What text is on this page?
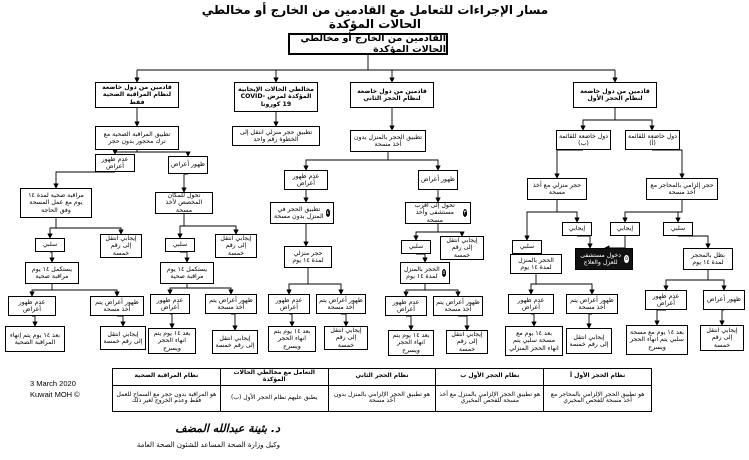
مسار الإجراءات للتعامل مع القادمين من الخارج أو مخالطي الحالات المؤكدة
القادمين من الخارج أو مخالطي الحالات المؤكدة
قادمين من دول خاضعة لنظام الحجر الأول
قادمين من دول خاضعة لنظام الحجر الثاني
مخالطي الحالات الإيجابية المؤكدة لمرض COVID-19 كورونا
قادمين من دول خاضعة لنظام المراقبة الصحية فقط
دول خاضعة للقائمة (أ)
دول خاضعة للقائمة (ب)
حجر إلزامي بالمحاجر مع أخذ مسحة
حجر منزلي مع أخذ مسحة
سلبي
إيجابي
إيجابي
سلبي
بظل بالمحجر لمدة ١٤ يوم
٥
دخول مستشفى للعزل والعلاج
الحجر بالمنزل لمدة ١٤ يوم
ظهور أعراض
عدم ظهور أعراض
ظهور أعراض يتم أخذ مسحة
عدم ظهور أعراض
بعد ١٤ يوم مع مسحة سلبي يتم انهاء الحجر ويسرح
إيجابي انتقل إلى رقم خمسة
إيجابي انتقل إلى رقم خمسة
بعد ١٤ يوم مع مسحة سلبي يتم انهاء الحجر المنزلي
تطبيق الحجر بالمنزل بدون أخذ مسحة
ظهور أعراض
عدم ظهور أعراض
٣
تحول إلى أقرب مستشفى وأخذ مسحة
٤
تطبيق الحجر في المنزل بدون مسحة
إيجابي انتقل إلى رقم خمسة
سلبي
٥
الحجر بالمنزل لمدة ١٤ يوم
حجر منزلي لمدة ١٤ يوم
ظهور أعراض يتم أخذ مسحة
عدم ظهور أعراض
ظهور أعراض يتم أخذ مسحة
عدم ظهور أعراض
إيجابي انتقل إلى رقم خمسة
بعد ١٤ يوم يتم انهاء الحجر ويسرح
إيجابي انتقل إلى رقم خمسة
بعد ١٤ يوم يتم انهاء الحجر ويسرح
تطبيق حجر منزلي انتقل إلى الخطوة رقم واحد
تطبيق المراقبة الصحية مع ترك محجور بدون حجر
ظهور أعراض
عدم ظهور أعراض
تحول للمكان المخصص لأخذ مسحة
مراقبة صحية لمدة ١٤ يوم مع عمل المسحة وفق الحاجة
سلبي
إيجابي انتقل إلى رقم خمسة
سلبي
إيجابي انتقل إلى رقم خمسة
يستكمل ١٤ يوم مراقبة صحية
يستكمل ١٤ يوم مراقبة صحية
عدم ظهور أعراض
ظهور أعراض يتم أخذ مسحة
عدم ظهور أعراض
ظهور أعراض يتم أخذ مسحة
بعد ١٤ يوم يتم إنهاء المراقبة الصحية
إيجابي انتقل إلى رقم خمسة
بعد ١٤ يوم يتم انهاء الحجر ويسرح
إيجابي انتقل إلى رقم خمسة
نظام الحجر الأول أ	نظام الحجر الأول ب	نظام الحجر الثاني	التعامل مع مخالطي الحالات المؤكدة	نظام المراقبة الصحية
هو تطبيق الحجر الإلزامي بالمحاجر مع أخذ مسحة للفحص المخبري	هو تطبيق الحجر الإلزامي بالمنزل مع أخذ مسحة للفحص المخبري	هو تطبيق الحجر الإلزامي بالمنزل بدون أخذ مسحة	يطبق عليهم نظام الحجر الأول (ب)	هو المراقبة بدون حجر مع السماح للعمل فقط وعدم الخروج لغير ذلك
3 March 2020
Kuwait MOH ©
د. بثينة عبدالله المضف
وكيل وزارة الصحة المساعد للشئون الصحة العامة
